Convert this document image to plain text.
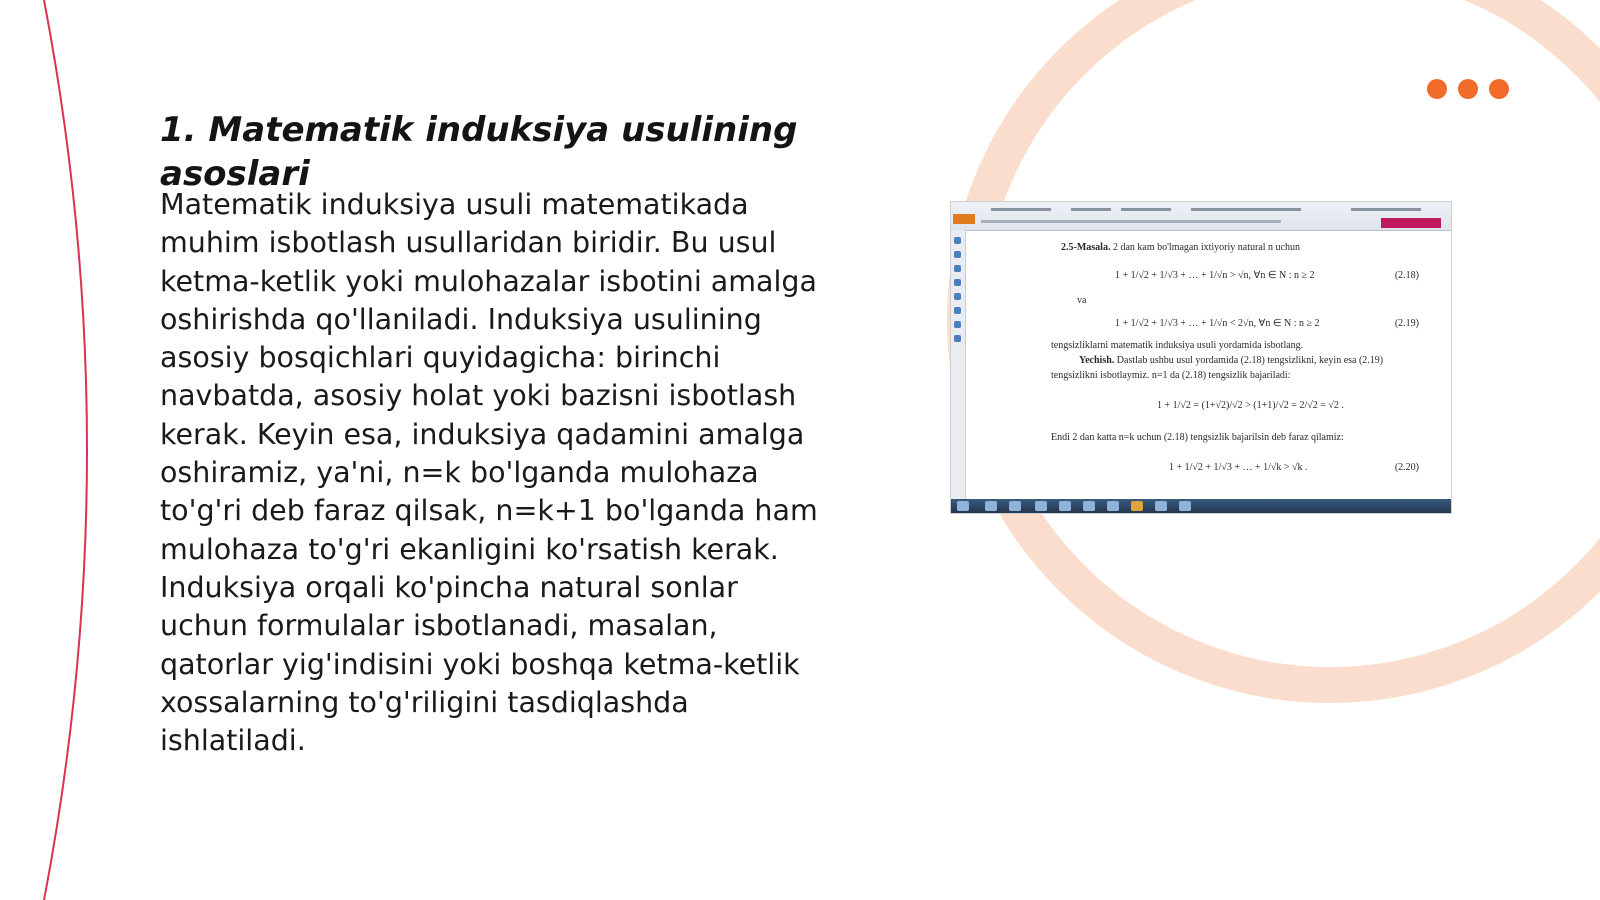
1. Matematik induksiya usulining asoslari

Matematik induksiya usuli matematikada muhim isbotlash usullaridan biridir. Bu usul ketma-ketlik yoki mulohazalar isbotini amalga oshirishda qo'llaniladi. Induksiya usulining asosiy bosqichlari quyidagicha: birinchi navbatda, asosiy holat yoki bazisni isbotlash kerak. Keyin esa, induksiya qadamini amalga oshiramiz, ya'ni, n=k bo'lganda mulohaza to'g'ri deb faraz qilsak, n=k+1 bo'lganda ham mulohaza to'g'ri ekanligini ko'rsatish kerak. Induksiya orqali ko'pincha natural sonlar uchun formulalar isbotlanadi, masalan, qatorlar yig'indisini yoki boshqa ketma-ketlik xossalarning to'g'riligini tasdiqlashda ishlatiladi.

2.5-Masala. 2 dan kam bo'lmagan ixtiyoriy natural n uchun
1 + 1/√2 + 1/√3 + … + 1/√n > √n, ∀n ∈ N : n ≥ 2	(2.18)
va
1 + 1/√2 + 1/√3 + … + 1/√n < 2√n, ∀n ∈ N : n ≥ 2	(2.19)
tengsizliklarni matematik induksiya usuli yordamida isbotlang.
Yechish. Dastlab ushbu usul yordamida (2.18) tengsizlikni, keyin esa (2.19)
tengsizlikni isbotlaymiz. n=1 da (2.18) tengsizlik bajariladi:
1 + 1/√2 = (1+√2)/√2 > (1+1)/√2 = 2/√2 = √2 .
Endi 2 dan katta n=k uchun (2.18) tengsizlik bajarilsin deb faraz qilamiz:
1 + 1/√2 + 1/√3 + … + 1/√k > √k .	(2.20)
